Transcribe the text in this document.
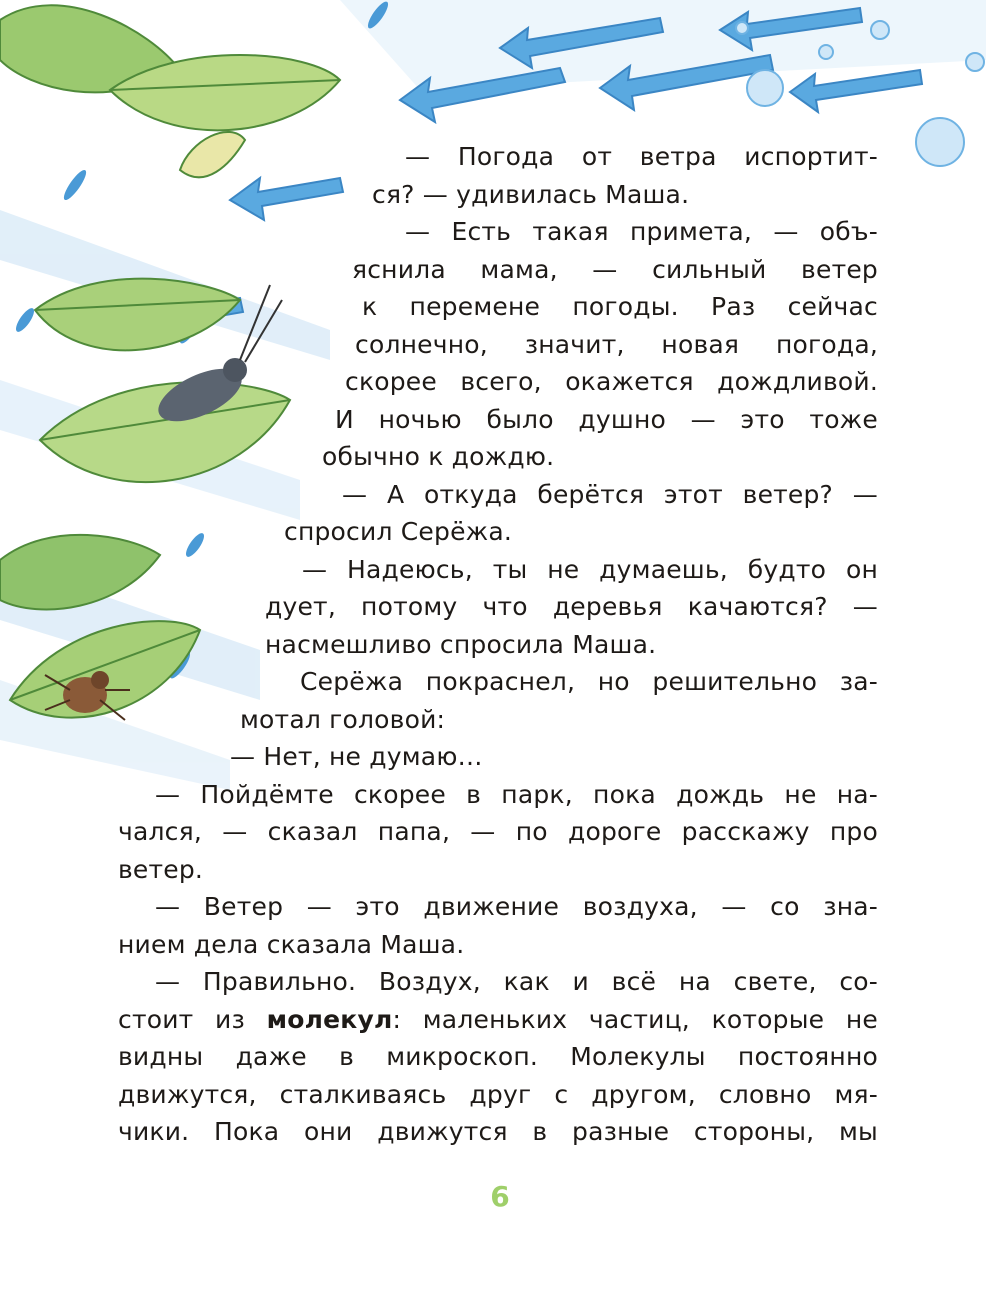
— Погода от ветра испортит-
ся? — удивилась Маша.
— Есть такая примета, — объ-
яснила мама, — сильный ветер
к перемене погоды. Раз сейчас
солнечно, значит, новая погода,
скорее всего, окажется дождливой.
И ночью было душно — это тоже
обычно к дождю.
— А откуда берётся этот ветер? —
спросил Серёжа.
— Надеюсь, ты не думаешь, будто он
дует, потому что деревья качаются? —
насмешливо спросила Маша.
Серёжа покраснел, но решительно за-
мотал головой:
— Нет, не думаю…
— Пойдёмте скорее в парк, пока дождь не на-
чался, — сказал папа, — по дороге расскажу про
ветер.
— Ветер — это движение воздуха, — со зна-
нием дела сказала Маша.
— Правильно. Воздух, как и всё на свете, со-
стоит из молекул: маленьких частиц, которые не
видны даже в микроскоп. Молекулы постоянно
движутся, сталкиваясь друг с другом, словно мя-
чики. Пока они движутся в разные стороны, мы
6
